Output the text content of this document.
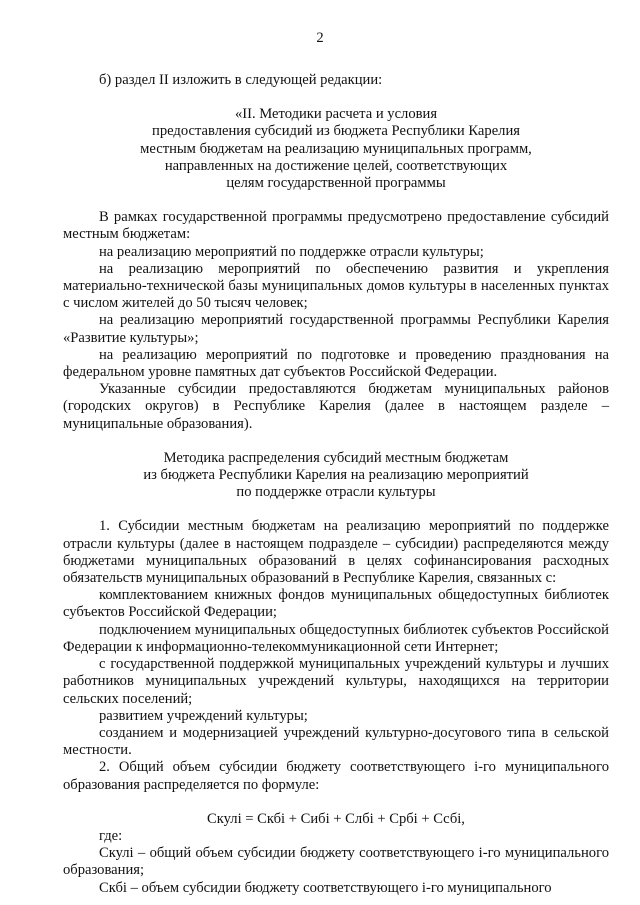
2

б) раздел II изложить в следующей редакции:

«II. Методики расчета и условия

предоставления субсидий из бюджета Республики Карелия

местным бюджетам на реализацию муниципальных программ,

направленных на достижение целей, соответствующих

целям государственной программы

В рамках государственной программы предусмотрено предоставление субсидий местным бюджетам:

на реализацию мероприятий по поддержке отрасли культуры;

на реализацию мероприятий по обеспечению развития и укрепления материально-технической базы муниципальных домов культуры в населенных пунктах с числом жителей до 50 тысяч человек;

на реализацию мероприятий государственной программы Республики Карелия «Развитие культуры»;

на реализацию мероприятий по подготовке и проведению празднования на федеральном уровне памятных дат субъектов Российской Федерации.

Указанные субсидии предоставляются бюджетам муниципальных районов (городских округов) в Республике Карелия (далее в настоящем разделе – муниципальные образования).

Методика распределения субсидий местным бюджетам

из бюджета Республики Карелия на реализацию мероприятий

по поддержке отрасли культуры

1. Субсидии местным бюджетам на реализацию мероприятий по поддержке отрасли культуры (далее в настоящем подразделе – субсидии) распределяются между бюджетами муниципальных образований в целях софинансирования расходных обязательств муниципальных образований в Республике Карелия, связанных с:

комплектованием книжных фондов муниципальных общедоступных библиотек субъектов Российской Федерации;

подключением муниципальных общедоступных библиотек субъектов Российской Федерации к информационно-телекоммуникационной сети Интернет;

с государственной поддержкой муниципальных учреждений культуры и лучших работников муниципальных учреждений культуры, находящихся на территории сельских поселений;

развитием учреждений культуры;

созданием и модернизацией учреждений культурно-досугового типа в сельской местности.

2. Общий объем субсидии бюджету соответствующего i-го муниципального образования распределяется по формуле:

Скулi = Скбi + Сибi + Слбi + Србi + Ссбi,

где:

Скулi – общий объем субсидии бюджету соответствующего i-го муниципального образования;

Скбi – объем субсидии бюджету соответствующего i-го муниципального
